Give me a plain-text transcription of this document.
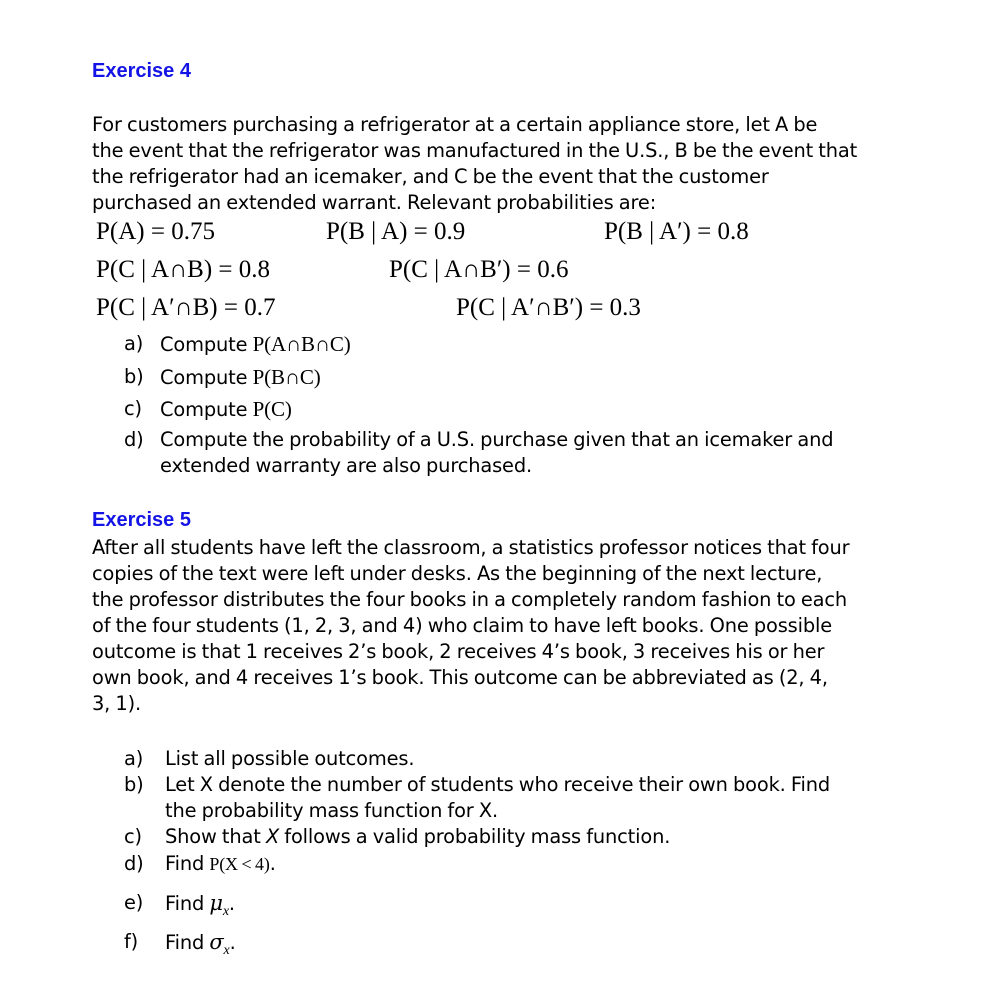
Exercise 4
For customers purchasing a refrigerator at a certain appliance store, let A be
the event that the refrigerator was manufactured in the U.S., B be the event that
the refrigerator had an icemaker, and C be the event that the customer
purchased an extended warrant. Relevant probabilities are:
P(A) = 0.75	P(B | A) = 0.9	P(B | A′) = 0.8
P(C | A∩B) = 0.8	P(C | A∩B′) = 0.6
P(C | A′∩B) = 0.7	P(C | A′∩B′) = 0.3
a) Compute P(A∩B∩C)
b) Compute P(B∩C)
c) Compute P(C)
d) Compute the probability of a U.S. purchase given that an icemaker and
extended warranty are also purchased.
Exercise 5
After all students have left the classroom, a statistics professor notices that four
copies of the text were left under desks. As the beginning of the next lecture,
the professor distributes the four books in a completely random fashion to each
of the four students (1, 2, 3, and 4) who claim to have left books. One possible
outcome is that 1 receives 2’s book, 2 receives 4’s book, 3 receives his or her
own book, and 4 receives 1’s book. This outcome can be abbreviated as (2, 4,
3, 1).
a) List all possible outcomes.
b) Let X denote the number of students who receive their own book. Find
the probability mass function for X.
c) Show that X follows a valid probability mass function.
d) Find P(X < 4).
e) Find $\mu_x$.
f) Find $\sigma_x$.
